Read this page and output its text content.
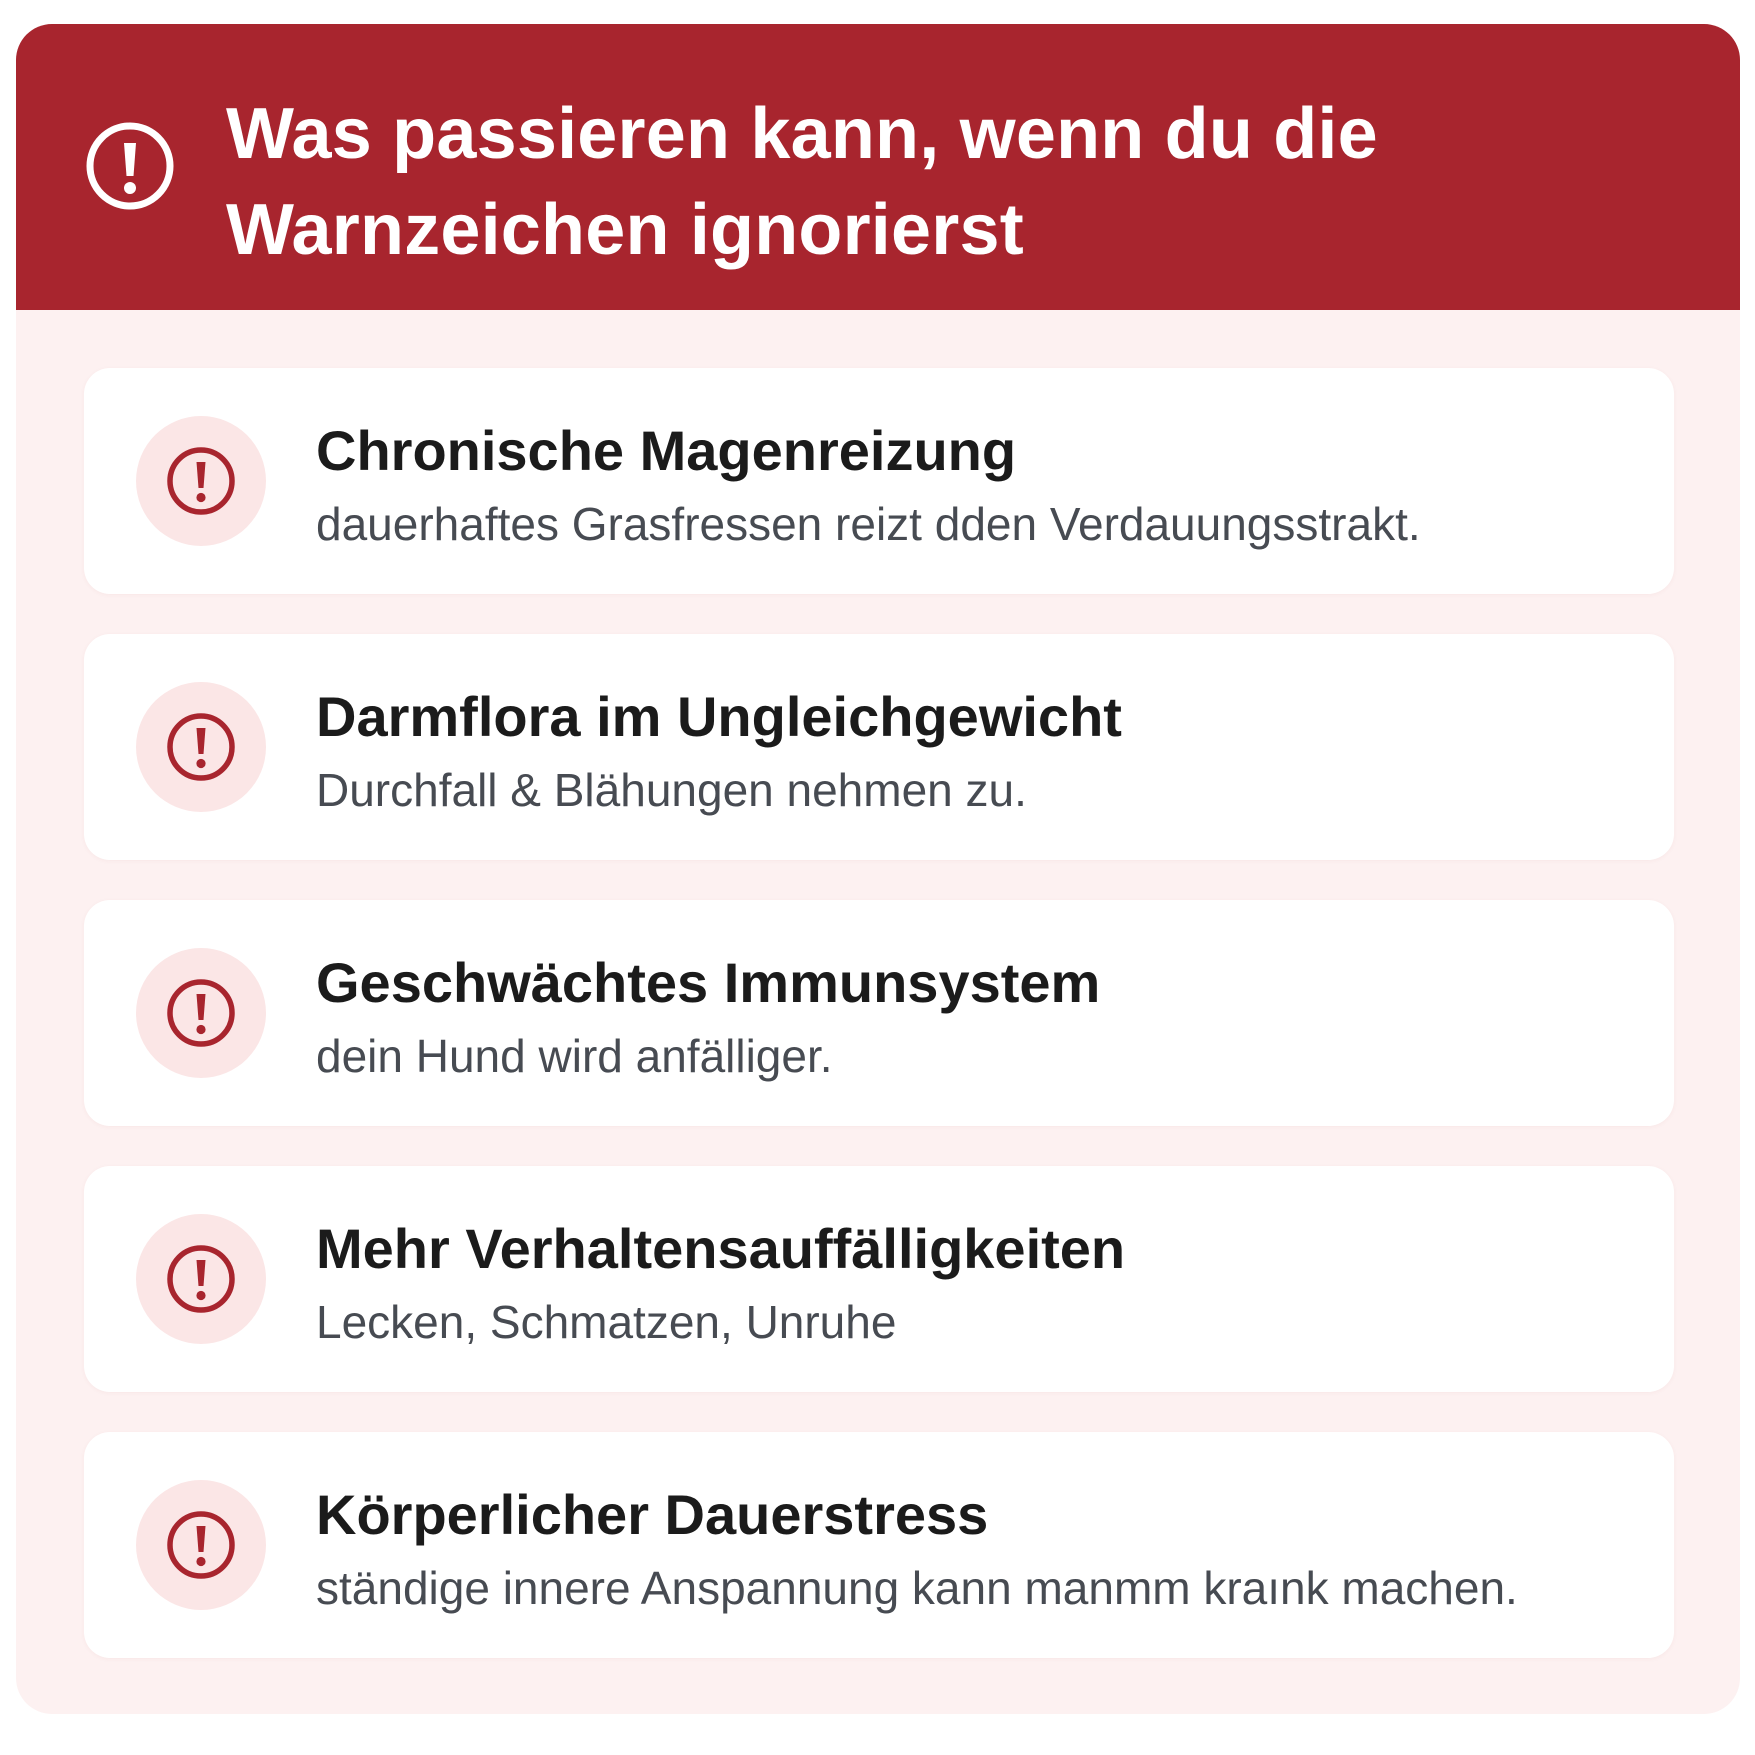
Was passieren kann, wenn du die Warnzeichen ignorierst
Chronische Magenreizung

dauerhaftes Grasfressen reizt dden Verdauungsstrakt.

Darmflora im Ungleichgewicht

Durchfall & Blähungen nehmen zu.

Geschwächtes Immunsystem

dein Hund wird anfälliger.

Mehr Verhaltensauffälligkeiten

Lecken, Schmatzen, Unruhe

Körperlicher Dauerstress

ständige innere Anspannung kann manmm kraınk machen.
